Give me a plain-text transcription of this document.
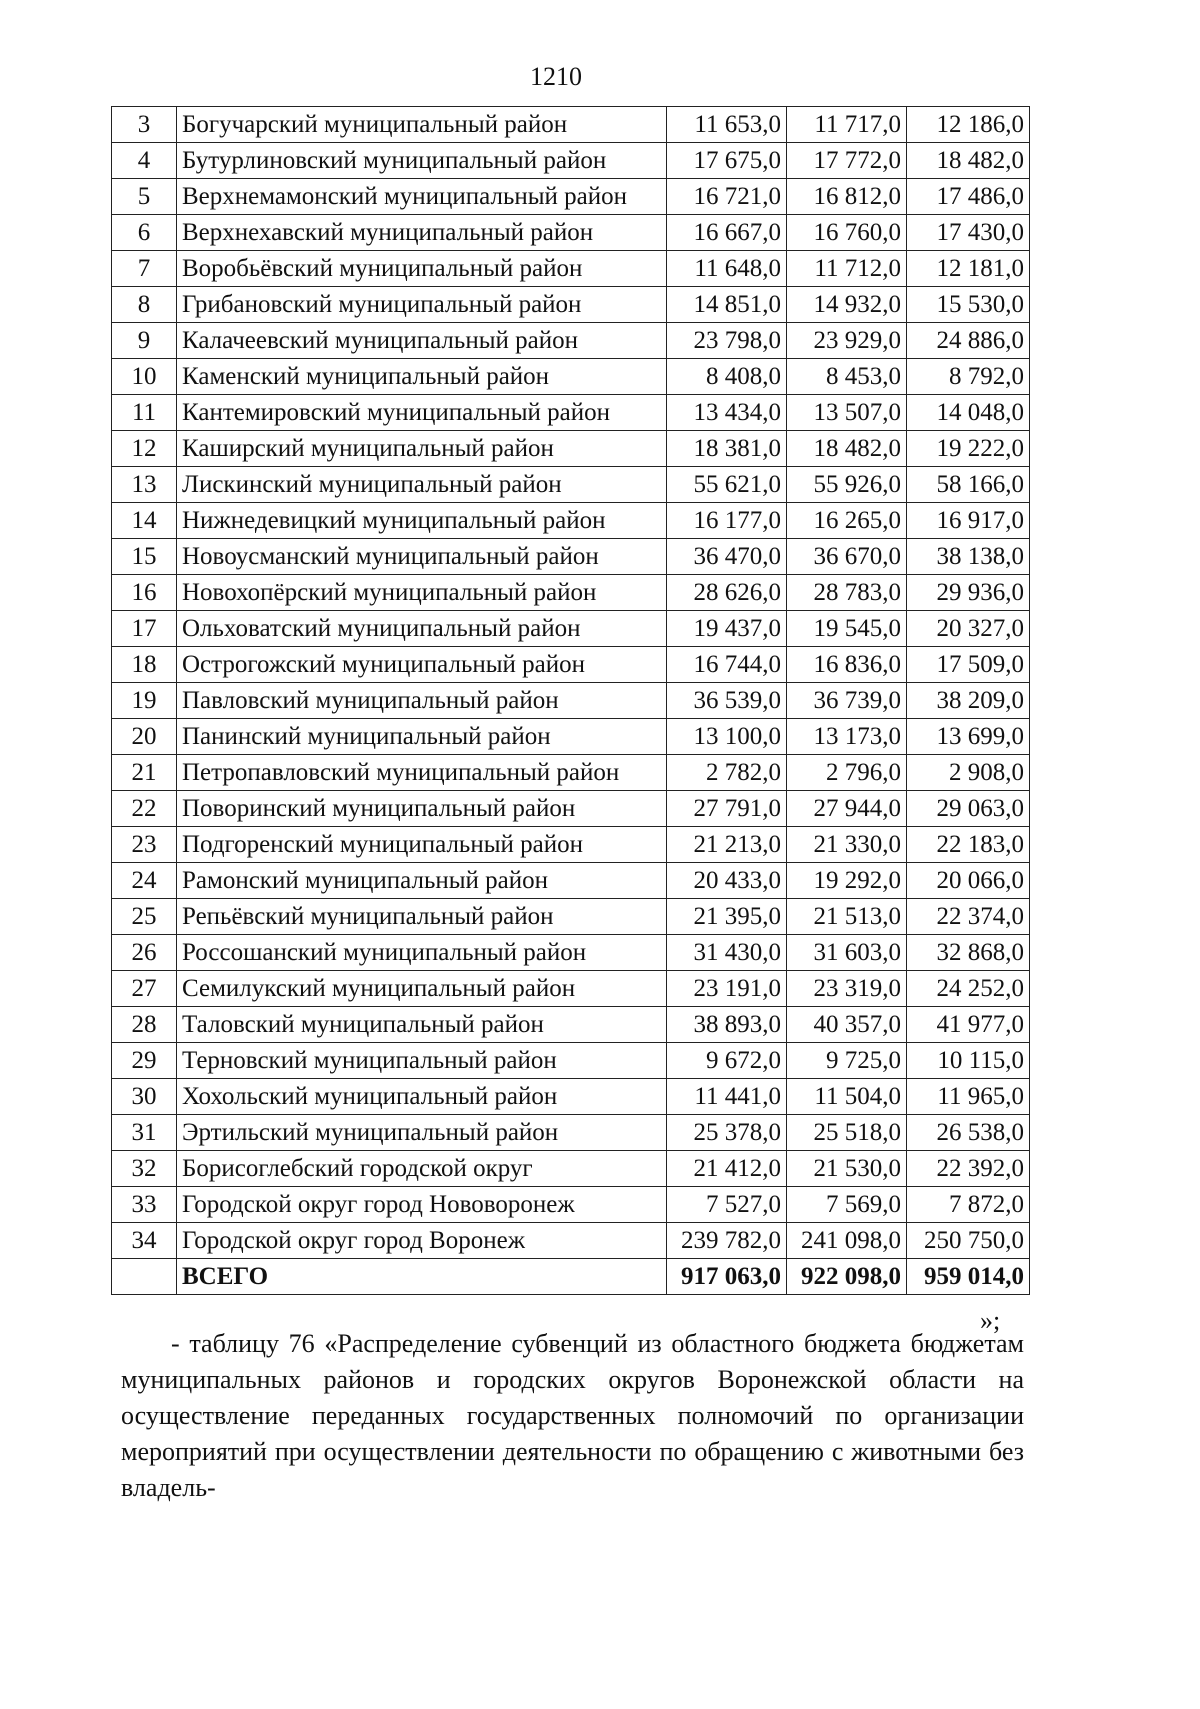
1210
3	Богучарский муниципальный район	11 653,0	11 717,0	12 186,0
4	Бутурлиновский муниципальный район	17 675,0	17 772,0	18 482,0
5	Верхнемамонский муниципальный район	16 721,0	16 812,0	17 486,0
6	Верхнехавский муниципальный район	16 667,0	16 760,0	17 430,0
7	Воробьёвский муниципальный район	11 648,0	11 712,0	12 181,0
8	Грибановский муниципальный район	14 851,0	14 932,0	15 530,0
9	Калачеевский муниципальный район	23 798,0	23 929,0	24 886,0
10	Каменский муниципальный район	8 408,0	8 453,0	8 792,0
11	Кантемировский муниципальный район	13 434,0	13 507,0	14 048,0
12	Каширский муниципальный район	18 381,0	18 482,0	19 222,0
13	Лискинский муниципальный район	55 621,0	55 926,0	58 166,0
14	Нижнедевицкий муниципальный район	16 177,0	16 265,0	16 917,0
15	Новоусманский муниципальный район	36 470,0	36 670,0	38 138,0
16	Новохопёрский муниципальный район	28 626,0	28 783,0	29 936,0
17	Ольховатский муниципальный район	19 437,0	19 545,0	20 327,0
18	Острогожский муниципальный район	16 744,0	16 836,0	17 509,0
19	Павловский муниципальный район	36 539,0	36 739,0	38 209,0
20	Панинский муниципальный район	13 100,0	13 173,0	13 699,0
21	Петропавловский муниципальный район	2 782,0	2 796,0	2 908,0
22	Поворинский муниципальный район	27 791,0	27 944,0	29 063,0
23	Подгоренский муниципальный район	21 213,0	21 330,0	22 183,0
24	Рамонский муниципальный район	20 433,0	19 292,0	20 066,0
25	Репьёвский муниципальный район	21 395,0	21 513,0	22 374,0
26	Россошанский муниципальный район	31 430,0	31 603,0	32 868,0
27	Семилукский муниципальный район	23 191,0	23 319,0	24 252,0
28	Таловский муниципальный район	38 893,0	40 357,0	41 977,0
29	Терновский муниципальный район	9 672,0	9 725,0	10 115,0
30	Хохольский муниципальный район	11 441,0	11 504,0	11 965,0
31	Эртильский муниципальный район	25 378,0	25 518,0	26 538,0
32	Борисоглебский городской округ	21 412,0	21 530,0	22 392,0
33	Городской округ город Нововоронеж	7 527,0	7 569,0	7 872,0
34	Городской округ город Воронеж	239 782,0	241 098,0	250 750,0
	ВСЕГО	917 063,0	922 098,0	959 014,0
»;

- таблицу 76 «Распределение субвенций из областного бюджета бюджетам муниципальных районов и городских округов Воронежской области на осуществление переданных государственных полномочий по организации мероприятий при осуществлении деятельности по обращению с животными без владель-
